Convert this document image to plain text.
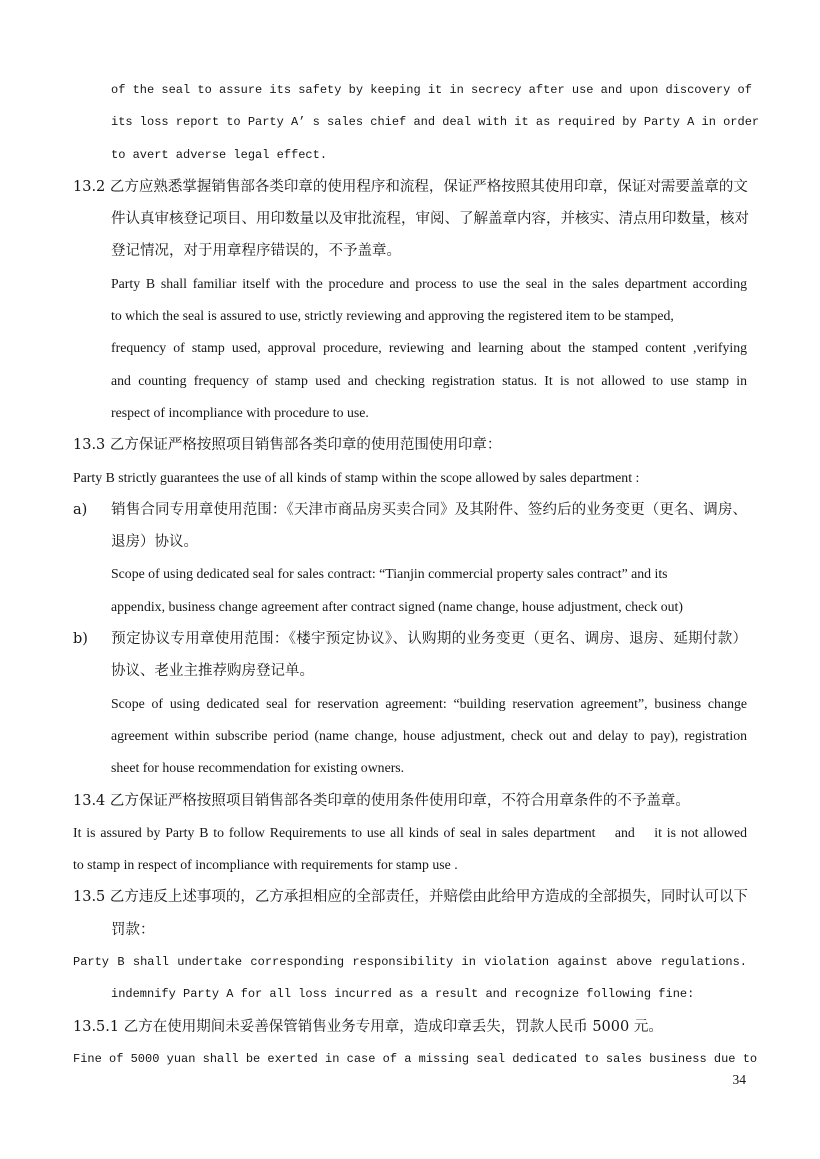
of the seal to assure its safety by keeping it in secrecy after use and upon discovery of
its loss report to Party A’ s sales chief and deal with it as required by Party A in order
to avert adverse legal effect.
13.2 乙方应熟悉掌握销售部各类印章的使用程序和流程，保证严格按照其使用印章，保证对需要盖章的文
件认真审核登记项目、用印数量以及审批流程，审阅、了解盖章内容，并核实、清点用印数量，核对
登记情况，对于用章程序错误的，不予盖章。
Party B shall familiar itself with the procedure and process to use the seal in the sales department according
to which the seal is assured to use, strictly reviewing and approving the registered item to be stamped,
frequency of stamp used, approval procedure, reviewing and learning about the stamped content ,verifying
and counting frequency of stamp used and checking registration status. It is not allowed to use stamp in
respect of incompliance with procedure to use.
13.3 乙方保证严格按照项目销售部各类印章的使用范围使用印章：
Party B strictly guarantees the use of all kinds of stamp within the scope allowed by sales department :
a) 销售合同专用章使用范围：《天津市商品房买卖合同》及其附件、签约后的业务变更（更名、调房、
退房）协议。
Scope of using dedicated seal for sales contract: “Tianjin commercial property sales contract” and its
appendix, business change agreement after contract signed (name change, house adjustment, check out)
b) 预定协议专用章使用范围：《楼宇预定协议》、认购期的业务变更（更名、调房、退房、延期付款）
协议、老业主推荐购房登记单。
Scope of using dedicated seal for reservation agreement: “building reservation agreement”, business change
agreement within subscribe period (name change, house adjustment, check out and delay to pay), registration
sheet for house recommendation for existing owners.
13.4 乙方保证严格按照项目销售部各类印章的使用条件使用印章，不符合用章条件的不予盖章。
It is assured by Party B to follow Requirements to use all kinds of seal in sales department    and    it is not allowed
to stamp in respect of incompliance with requirements for stamp use .
13.5 乙方违反上述事项的，乙方承担相应的全部责任，并赔偿由此给甲方造成的全部损失，同时认可以下
罚款：
Party B shall undertake corresponding responsibility in violation against above regulations.
indemnify Party A for all loss incurred as a result and recognize following fine:
13.5.1 乙方在使用期间未妥善保管销售业务专用章，造成印章丢失，罚款人民币 5000 元。
Fine of 5000 yuan shall be exerted in case of a missing seal dedicated to sales business due to
34
